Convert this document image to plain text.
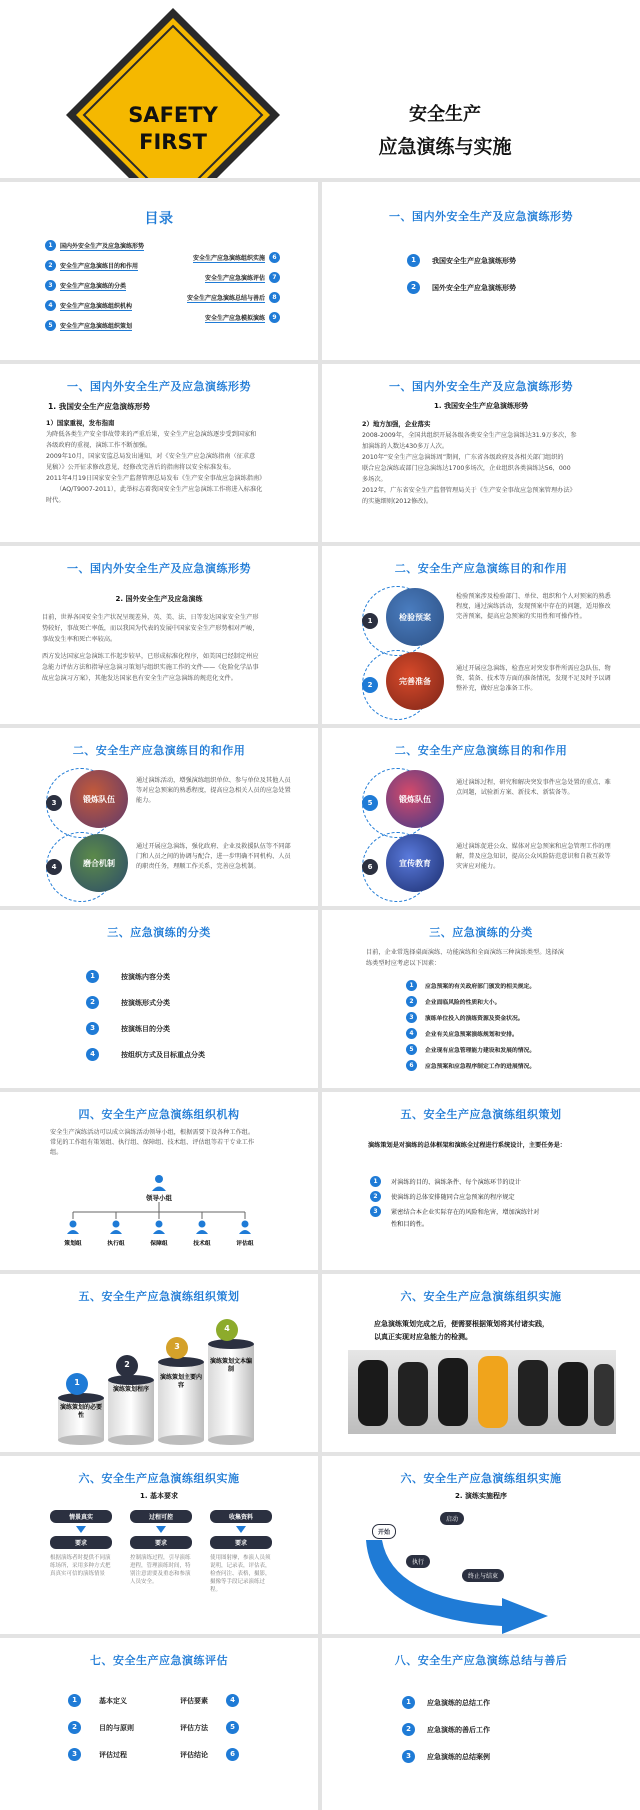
SAFETY
FIRST
安全生产
应急演练与实施
目录
1	国内外安全生产及应急演练形势
2	安全生产应急演练目的和作用
3	安全生产应急演练的分类
4	安全生产应急演练组织机构
5	安全生产应急演练组织策划
安全生产应急演练组织实施	6
安全生产应急演练评估	7
安全生产应急演练总结与善后	8
安全生产应急模拟演练	9
一、国内外安全生产及应急演练形势
1	我国安全生产应急演练形势
2	国外安全生产应急演练形势
一、国内外安全生产及应急演练形势
1. 我国安全生产应急演练形势
1）国家重视，发布指南
为降低各类生产安全事故带来的严重后果，安全生产应急演练逐步受到国家和
各级政府的重视，演练工作不断加强。
2009年10月，国家安监总局发出通知，对《安全生产应急演练指南（征求意
见稿）》公开征求修改意见，经修改完善后的指南将以安全标准发布。
2011年4月19日国家安全生产监督管理总局发布《生产安全事故应急演练指南》
（AQ/T9007-2011），此举标志着我国安全生产应急演练工作将进入标准化
时代。
一、国内外安全生产及应急演练形势
1. 我国安全生产应急演练形势
2）地方加强，企业落实
2008-2009年，全国共组织开展各级各类安全生产应急演练达31.9万多次，参
加演练的人数达430多万人次。
2010年“安全生产应急演练周”期间，广东省各级政府及各相关部门组织的
联合应急演练或部门应急演练达1700多场次，企业组织各类演练达56，000
多场次。
2012年，广东省安全生产监督管理局关于《生产安全事故应急预案管理办法》
的实施细则(2012修改)。
一、国内外安全生产及应急演练形势
2. 国外安全生产及应急演练
目前，世界各国安全生产状况呈现差异，英、美、法、日等发达国家安全生产形
势较好，事故死亡率低，而以我国为代表的发展中国家安全生产形势相对严峻，
事故发生率和死亡率较高。
西方发达国家应急演练工作起步较早，已形成标准化程序，如美国已经制定州应
急能力评估方法和指导应急演习策划与组织实施工作的文件——《危险化学品事
故应急演习方案》，其他发达国家也有安全生产应急演练的规范化文件。
二、安全生产应急演练目的和作用
1	检验预案
检验预案涉及检验部门、单位、组织和个人对预案的熟悉程度，通过演练活动，发现预案中存在的问题，适用修改完善预案，提高应急预案的实用性和可操作性。
2	完善准备
通过开展应急演练，检查应对突发事件所需应急队伍、物资、装备、技术等方面的准备情况，发现不足及时予以调整补充，做好应急准备工作。
二、安全生产应急演练目的和作用
3	锻炼队伍
通过演练活动，增强演练组织单位、参与单位及其他人员等对应急预案的熟悉程度，提高应急相关人员的应急处置能力。
4	磨合机制
通过开展应急演练，强化政府、企业及救援队伍等不同部门和人员之间的协调与配合，进一步明确不同机构、人员的职责任务，理顺工作关系，完善应急机制。
二、安全生产应急演练目的和作用
5	锻炼队伍
通过演练过程，研究和解决突发事件应急处置的重点、难点问题，试验新方案、新技术、新装备等。
6	宣传教育
通过演练促进公众、媒体对应急预案和应急管理工作的理解，普及应急知识，提高公众风险防范意识和自救互救等灾害应对能力。
三、应急演练的分类
1	按演练内容分类
2	按演练形式分类
3	按演练目的分类
4	按组织方式及目标重点分类
三、应急演练的分类
目前，企业常选择桌面演练、功能演练和全面演练三种演练类型。选择演
练类型时应考虑以下因素：
1	应急预案的有关政府部门颁发的相关规定。
2	企业面临风险的性质和大小。
3	演练单位投入的演练资源及资金状况。
4	企业有关应急预案演练规划和安排。
5	企业现有应急管理能力建设和发展的情况。
6	应急预案和应急程序制定工作的进展情况。
四、安全生产应急演练组织机构
安全生产演练活动可以成立演练活动领导小组，根据需要下设各种工作组。
常见的工作组有策划组、执行组、保障组、技术组、评估组等若干专业工作
组。
领导小组
策划组	执行组	保障组	技术组	评估组
五、安全生产应急演练组织策划
演练策划是对演练的总体框架和演练全过程进行系统设计，主要任务是：
1	对演练的目的、演练条件、每个演练环节的设计
2	使演练的总体安排随同合应急预案的程序规定
3	紧密结合本企业实际存在的风险和危害，增加演练针对
性和目的性。
五、安全生产应急演练组织策划
1
2
3
4
演练策划的必要性
演练策划程序
演练策划主要内容
演练策划文本编制
六、安全生产应急演练组织实施
应急演练策划完成之后，便需要根据策划将其付诸实践，
以真正实现对应急能力的检测。
六、安全生产应急演练组织实施
1. 基本要求
情景真实
要求
根据演练者时提供不同演练场所，采用多种方式把真真实可信的演练情景
过程可控
要求
控制演练过程，引导演练进程，管理演练时间，特别注意需要及重态和参演人员安全。
收集资料
要求
使用图射摩，参演人员须说明，记录表，评估表，检查问注、表格，摄影，摄像等手段记录演练过程。
六、安全生产应急演练组织实施
2. 演练实施程序
启动
开始
执行
终止与结束
七、安全生产应急演练评估
1	基本定义
2	目的与原则
3	评估过程
评估要素	4
评估方法	5
评估结论	6
八、安全生产应急演练总结与善后
1	应急演练的总结工作
2	应急演练的善后工作
3	应急演练的总结案例
